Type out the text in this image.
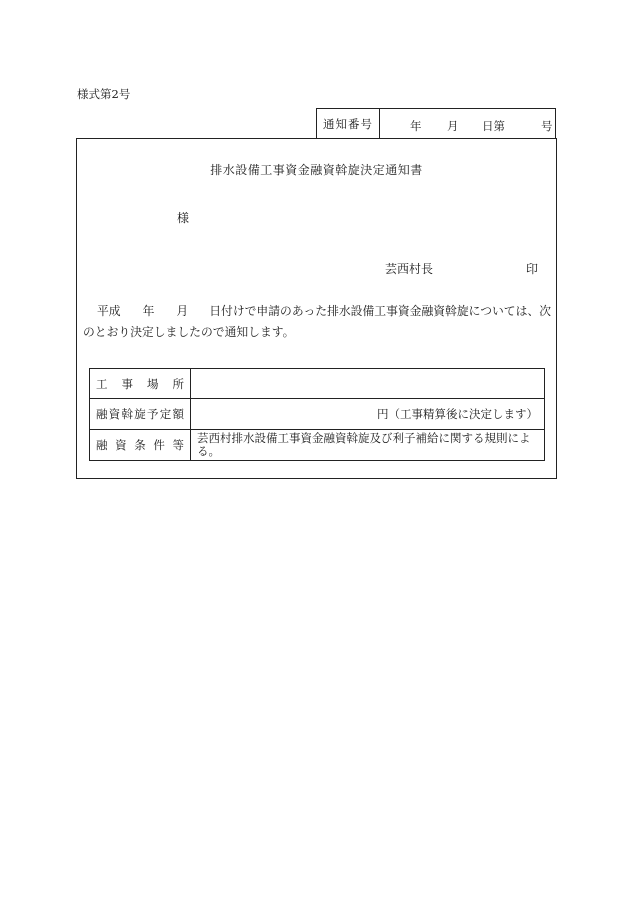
様式第2号
通知番号	年 月 日第	号
排水設備工事資金融資斡旋決定通知書
様
芸西村長	印
平成 年 月 日付けで申請のあった排水設備工事資金融資斡旋については、次
のとおり決定しましたので通知します。
工事場所	
融資斡旋予定額	円（工事精算後に決定します）
融資条件等	芸西村排水設備工事資金融資斡旋及び利子補給に関する規則による。
